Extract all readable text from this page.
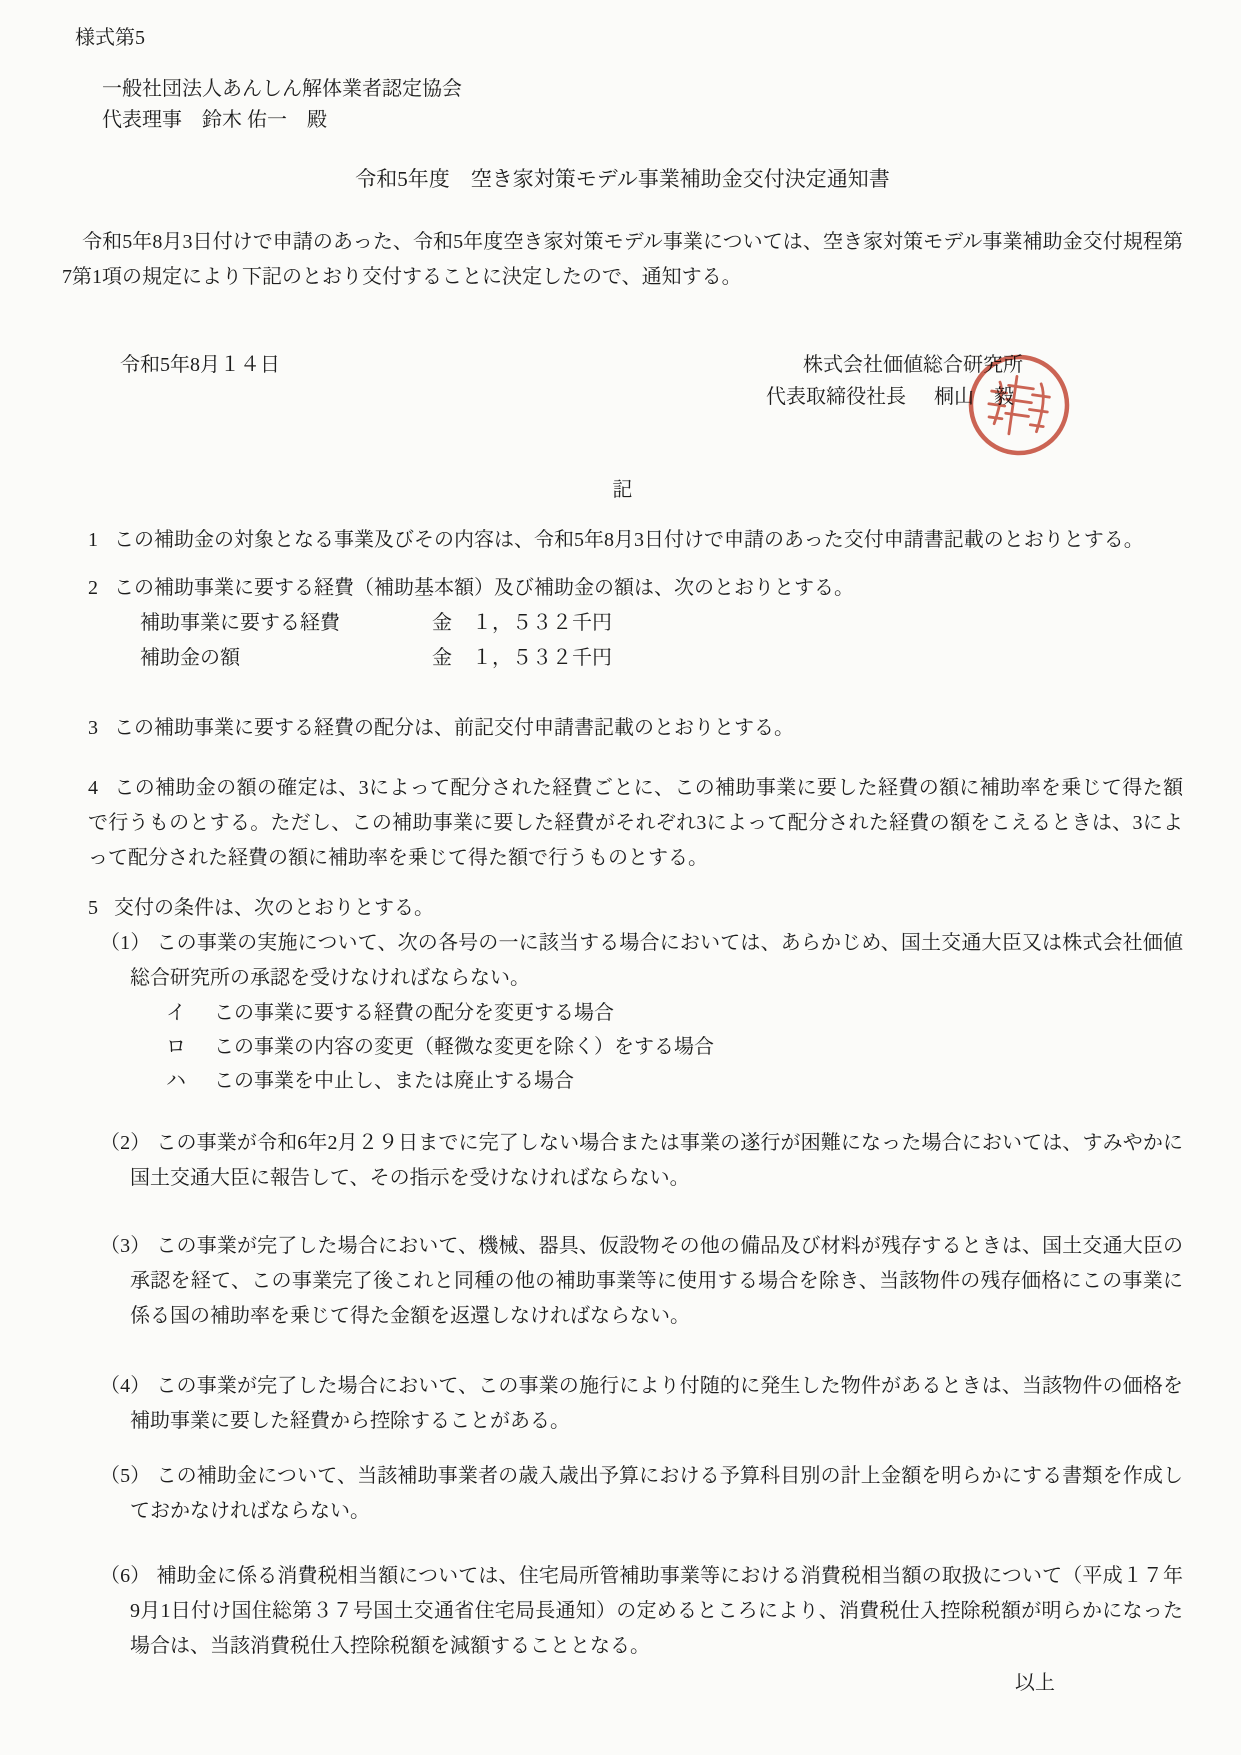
様式第5
一般社団法人あんしん解体業者認定協会
代表理事　鈴木 佑一　殿
令和5年度　空き家対策モデル事業補助金交付決定通知書

　令和5年8月3日付けで申請のあった、令和5年度空き家対策モデル事業については、空き家対策モデル事業補助金交付規程第7第1項の規定により下記のとおり交付することに決定したので、通知する。

令和5年8月１４日	株式会社価値総合研究所
代表取締役社長 桐山　毅
記
1 この補助金の対象となる事業及びその内容は、令和5年8月3日付けで申請のあった交付申請書記載のとおりとする。
2 この補助事業に要する経費（補助基本額）及び補助金の額は、次のとおりとする。
補助事業に要する経費	金　１，５３２千円
補助金の額	金　１，５３２千円
3 この補助事業に要する経費の配分は、前記交付申請書記載のとおりとする。
4 この補助金の額の確定は、3によって配分された経費ごとに、この補助事業に要した経費の額に補助率を乗じて得た額で行うものとする。ただし、この補助事業に要した経費がそれぞれ3によって配分された経費の額をこえるときは、3によって配分された経費の額に補助率を乗じて得た額で行うものとする。
5 交付の条件は、次のとおりとする。
（1） この事業の実施について、次の各号の一に該当する場合においては、あらかじめ、国土交通大臣又は株式会社価値総合研究所の承認を受けなければならない。
イ この事業に要する経費の配分を変更する場合
ロ この事業の内容の変更（軽微な変更を除く）をする場合
ハ この事業を中止し、または廃止する場合
（2） この事業が令和6年2月２９日までに完了しない場合または事業の遂行が困難になった場合においては、すみやかに国土交通大臣に報告して、その指示を受けなければならない。
（3） この事業が完了した場合において、機械、器具、仮設物その他の備品及び材料が残存するときは、国土交通大臣の承認を経て、この事業完了後これと同種の他の補助事業等に使用する場合を除き、当該物件の残存価格にこの事業に係る国の補助率を乗じて得た金額を返還しなければならない。
（4） この事業が完了した場合において、この事業の施行により付随的に発生した物件があるときは、当該物件の価格を補助事業に要した経費から控除することがある。
（5） この補助金について、当該補助事業者の歳入歳出予算における予算科目別の計上金額を明らかにする書類を作成しておかなければならない。
（6） 補助金に係る消費税相当額については、住宅局所管補助事業等における消費税相当額の取扱について（平成１７年9月1日付け国住総第３７号国土交通省住宅局長通知）の定めるところにより、消費税仕入控除税額が明らかになった場合は、当該消費税仕入控除税額を減額することとなる。
以上
